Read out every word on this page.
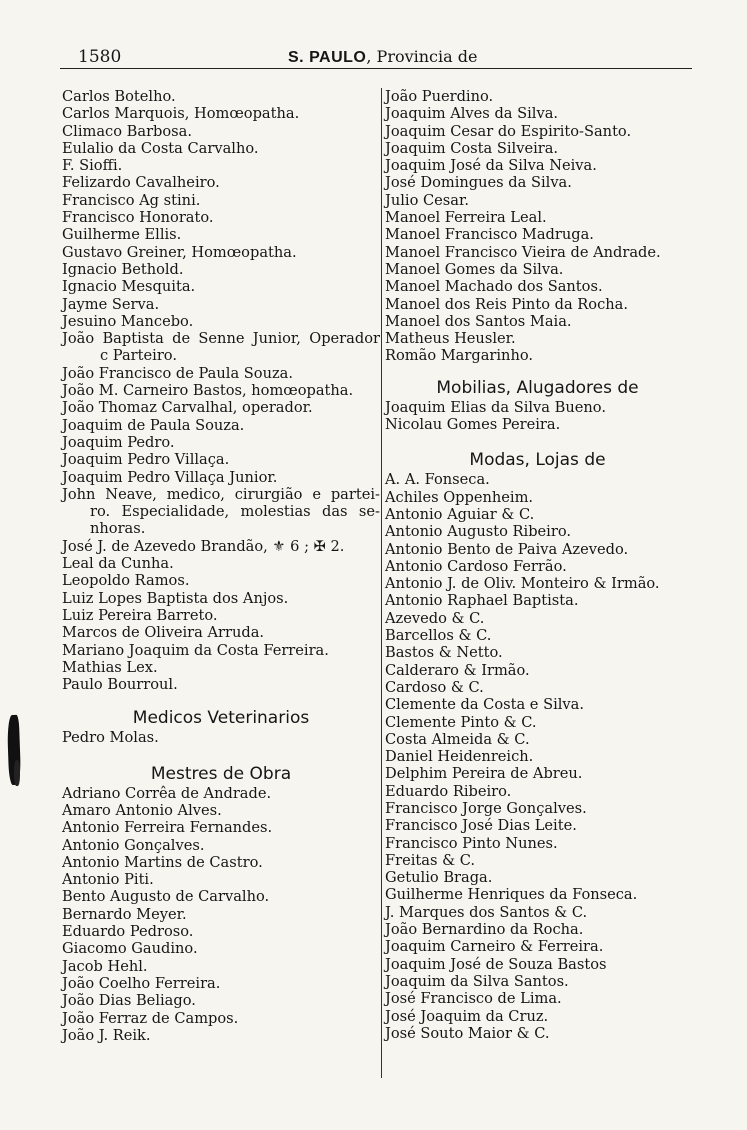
1580	S. PAULO, Provincia de
Carlos Botelho.
Carlos Marquois, Homœopatha.
Climaco Barbosa.
Eulalio da Costa Carvalho.
F. Sioffi.
Felizardo Cavalheiro.
Francisco Ag stini.
Francisco Honorato.
Guilherme Ellis.
Gustavo Greiner, Homœopatha.
Ignacio Bethold.
Ignacio Mesquita.
Jayme Serva.
Jesuino Mancebo.
João Baptista de Senne Junior, Operador
c Parteiro.
João Francisco de Paula Souza.
João M. Carneiro Bastos, homœopatha.
João Thomaz Carvalhal, operador.
Joaquim de Paula Souza.
Joaquim Pedro.
Joaquim Pedro Villaça.
Joaquim Pedro Villaça Junior.
John Neave, medico, cirurgião e partei-
ro. Especialidade, molestias das se-
nhoras.
José J. de Azevedo Brandão, ⚜ 6 ; ✠ 2.
Leal da Cunha.
Leopoldo Ramos.
Luiz Lopes Baptista dos Anjos.
Luiz Pereira Barreto.
Marcos de Oliveira Arruda.
Mariano Joaquim da Costa Ferreira.
Mathias Lex.
Paulo Bourroul.
Medicos Veterinarios
Pedro Molas.
Mestres de Obra
Adriano Corrêa de Andrade.
Amaro Antonio Alves.
Antonio Ferreira Fernandes.
Antonio Gonçalves.
Antonio Martins de Castro.
Antonio Piti.
Bento Augusto de Carvalho.
Bernardo Meyer.
Eduardo Pedroso.
Giacomo Gaudino.
Jacob Hehl.
João Coelho Ferreira.
João Dias Beliago.
João Ferraz de Campos.
João J. Reik.
João Puerdino.
Joaquim Alves da Silva.
Joaquim Cesar do Espirito-Santo.
Joaquim Costa Silveira.
Joaquim José da Silva Neiva.
José Domingues da Silva.
Julio Cesar.
Manoel Ferreira Leal.
Manoel Francisco Madruga.
Manoel Francisco Vieira de Andrade.
Manoel Gomes da Silva.
Manoel Machado dos Santos.
Manoel dos Reis Pinto da Rocha.
Manoel dos Santos Maia.
Matheus Heusler.
Romão Margarinho.
Mobilias, Alugadores de
Joaquim Elias da Silva Bueno.
Nicolau Gomes Pereira.
Modas, Lojas de
A. A. Fonseca.
Achiles Oppenheim.
Antonio Aguiar & C.
Antonio Augusto Ribeiro.
Antonio Bento de Paiva Azevedo.
Antonio Cardoso Ferrão.
Antonio J. de Oliv. Monteiro & Irmão.
Antonio Raphael Baptista.
Azevedo & C.
Barcellos & C.
Bastos & Netto.
Calderaro & Irmão.
Cardoso & C.
Clemente da Costa e Silva.
Clemente Pinto & C.
Costa Almeida & C.
Daniel Heidenreich.
Delphim Pereira de Abreu.
Eduardo Ribeiro.
Francisco Jorge Gonçalves.
Francisco José Dias Leite.
Francisco Pinto Nunes.
Freitas & C.
Getulio Braga.
Guilherme Henriques da Fonseca.
J. Marques dos Santos & C.
João Bernardino da Rocha.
Joaquim Carneiro & Ferreira.
Joaquim José de Souza Bastos
Joaquim da Silva Santos.
José Francisco de Lima.
José Joaquim da Cruz.
José Souto Maior & C.
